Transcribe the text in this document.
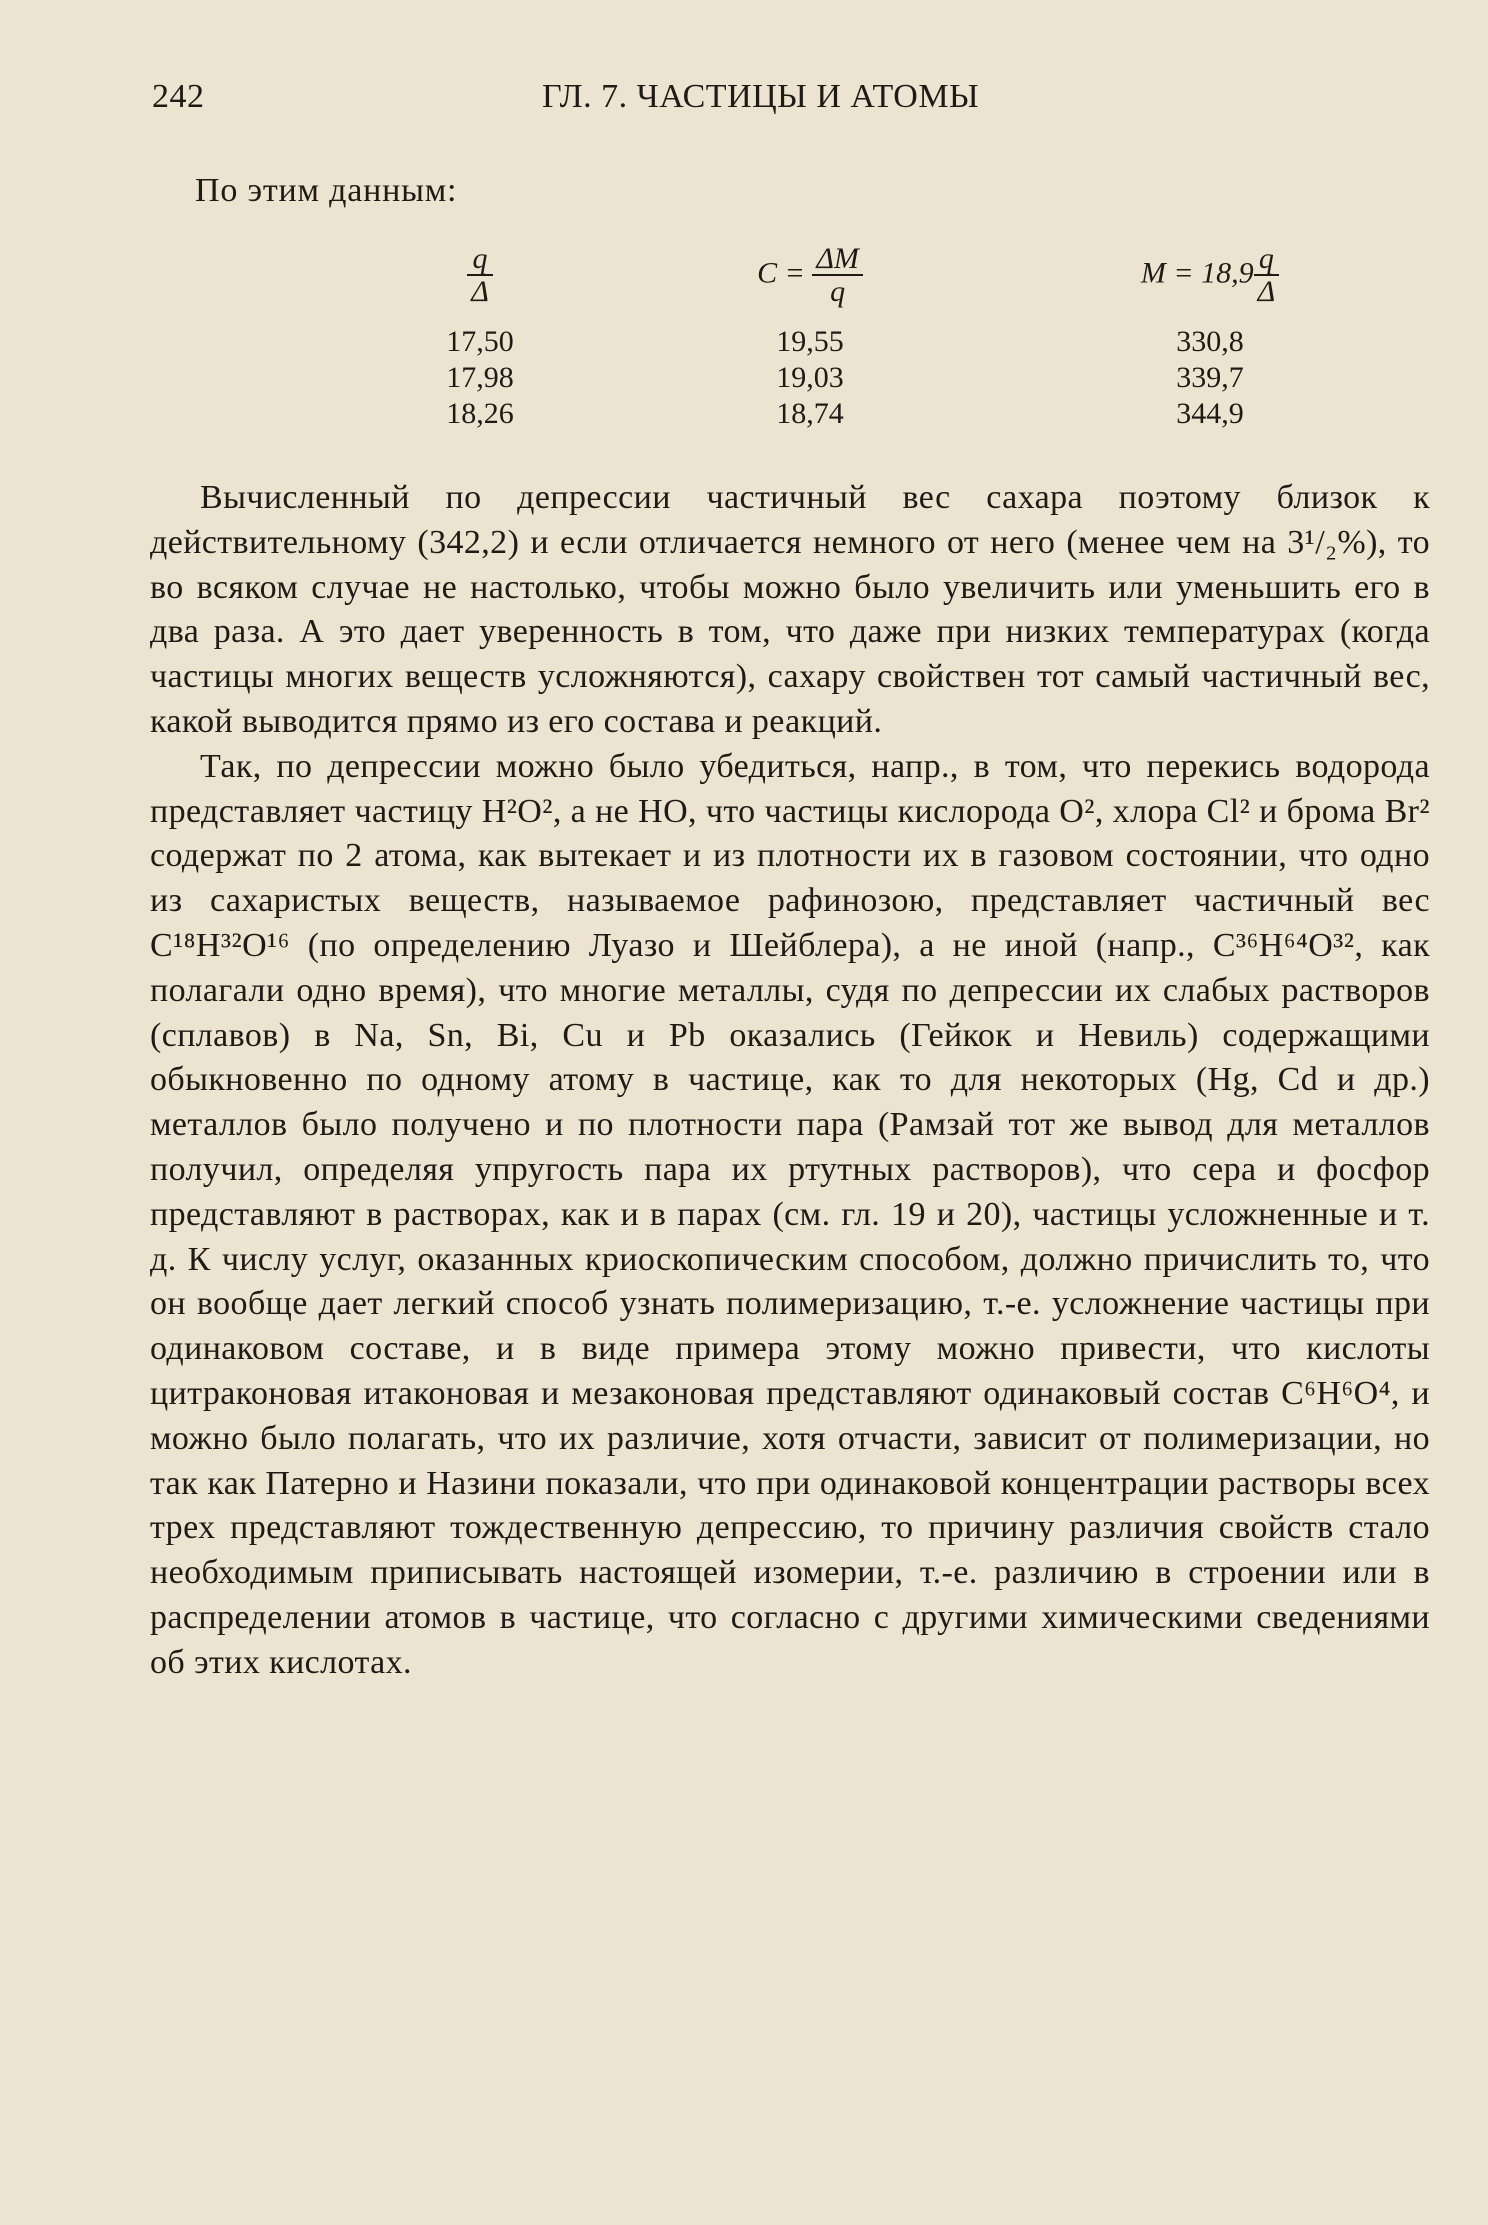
242	ГЛ. 7. ЧАСТИЦЫ И АТОМЫ
По этим данным:
$\frac{q}{\Delta}$	$C = \frac{\Delta M}{q}$	$M = 18,9 \frac{q}{\Delta}$

17,50	19,55	330,8
17,98	19,03	339,7
18,26	18,74	344,9

Вычисленный по депрессии частичный вес сахара поэтому близок к действительному (342,2) и если отличается немного от него (менее чем на 3¹/₂%), то во всяком случае не настолько, чтобы можно было увеличить или уменьшить его в два раза. А это дает уверенность в том, что даже при низких температурах (когда частицы многих веществ усложняются), сахару свойствен тот самый частичный вес, какой выводится прямо из его состава и реакций.

Так, по депрессии можно было убедиться, напр., в том, что перекись водорода представляет частицу H²O², а не HO, что частицы кислорода O², хлора Cl² и брома Br² содержат по 2 атома, как вытекает и из плотности их в газовом состоянии, что одно из сахаристых веществ, называемое рафинозою, представляет частичный вес C¹⁸H³²O¹⁶ (по определению Луазо и Шейблера), а не иной (напр., C³⁶H⁶⁴O³², как полагали одно время), что многие металлы, судя по депрессии их слабых растворов (сплавов) в Na, Sn, Bi, Cu и Pb оказались (Гейкок и Невиль) содержащими обыкновенно по одному атому в частице, как то для некоторых (Hg, Cd и др.) металлов было получено и по плотности пара (Рамзай тот же вывод для металлов получил, определяя упругость пара их ртутных растворов), что сера и фосфор представляют в растворах, как и в парах (см. гл. 19 и 20), частицы усложненные и т. д. К числу услуг, оказанных криоскопическим способом, должно причислить то, что он вообще дает легкий способ узнать полимеризацию, т.-е. усложнение частицы при одинаковом составе, и в виде примера этому можно привести, что кислоты цитраконовая итаконовая и мезаконовая представляют одинаковый состав C⁶H⁶O⁴, и можно было полагать, что их различие, хотя отчасти, зависит от полимеризации, но так как Патерно и Назини показали, что при одинаковой концентрации растворы всех трех представляют тождественную депрессию, то причину различия свойств стало необходимым приписывать настоящей изомерии, т.-е. различию в строении или в распределении атомов в частице, что согласно с другими химическими сведениями об этих кислотах.
